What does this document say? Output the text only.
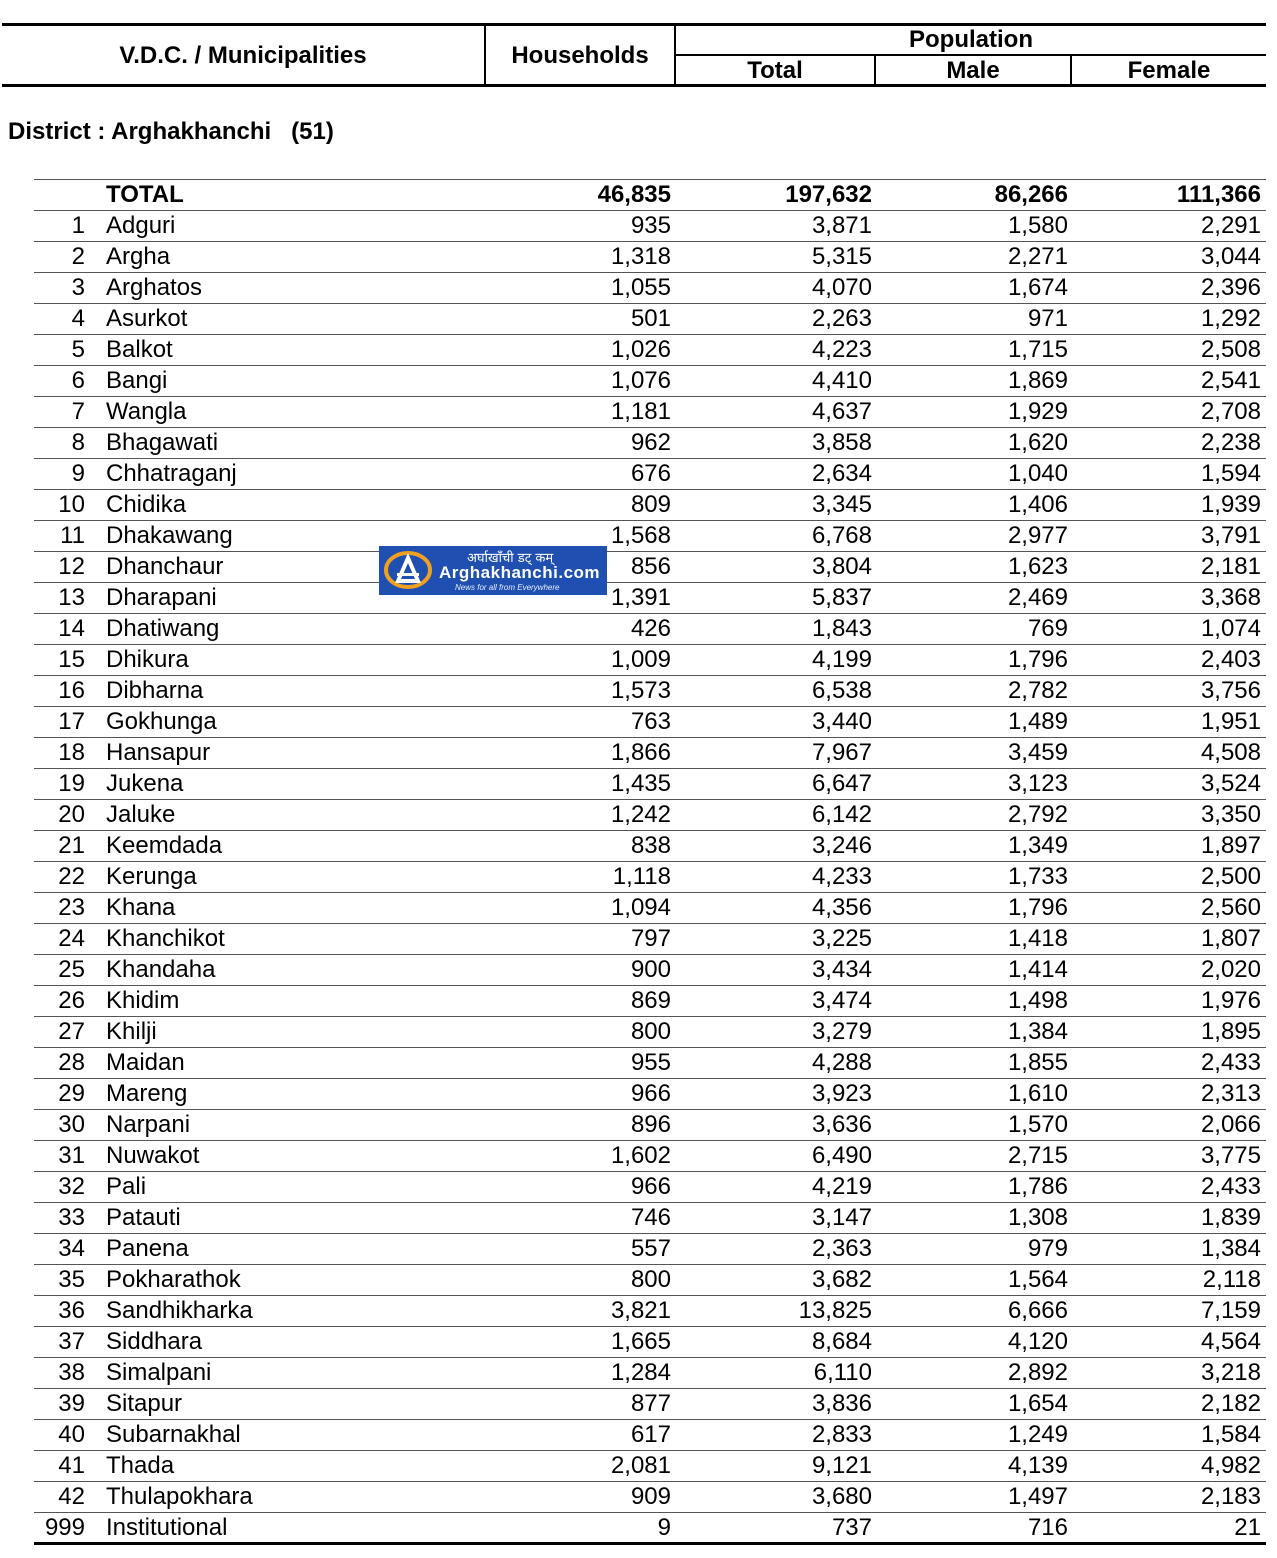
V.D.C. / Municipalities	Households
Population
Total	Male	Female
District : Arghakhanchi   (51)
TOTAL	46,835	197,632	86,266	111,366
1 Adguri	935	3,871	1,580	2,291
2 Argha	1,318	5,315	2,271	3,044
3 Arghatos	1,055	4,070	1,674	2,396
4 Asurkot	501	2,263	971	1,292
5 Balkot	1,026	4,223	1,715	2,508
6 Bangi	1,076	4,410	1,869	2,541
7 Wangla	1,181	4,637	1,929	2,708
8 Bhagawati	962	3,858	1,620	2,238
9 Chhatraganj	676	2,634	1,040	1,594
10 Chidika	809	3,345	1,406	1,939
11 Dhakawang	1,568	6,768	2,977	3,791
12 Dhanchaur	856	3,804	1,623	2,181
13 Dharapani	1,391	5,837	2,469	3,368
14 Dhatiwang	426	1,843	769	1,074
15 Dhikura	1,009	4,199	1,796	2,403
16 Dibharna	1,573	6,538	2,782	3,756
17 Gokhunga	763	3,440	1,489	1,951
18 Hansapur	1,866	7,967	3,459	4,508
19 Jukena	1,435	6,647	3,123	3,524
20 Jaluke	1,242	6,142	2,792	3,350
21 Keemdada	838	3,246	1,349	1,897
22 Kerunga	1,118	4,233	1,733	2,500
23 Khana	1,094	4,356	1,796	2,560
24 Khanchikot	797	3,225	1,418	1,807
25 Khandaha	900	3,434	1,414	2,020
26 Khidim	869	3,474	1,498	1,976
27 Khilji	800	3,279	1,384	1,895
28 Maidan	955	4,288	1,855	2,433
29 Mareng	966	3,923	1,610	2,313
30 Narpani	896	3,636	1,570	2,066
31 Nuwakot	1,602	6,490	2,715	3,775
32 Pali	966	4,219	1,786	2,433
33 Patauti	746	3,147	1,308	1,839
34 Panena	557	2,363	979	1,384
35 Pokharathok	800	3,682	1,564	2,118
36 Sandhikharka	3,821	13,825	6,666	7,159
37 Siddhara	1,665	8,684	4,120	4,564
38 Simalpani	1,284	6,110	2,892	3,218
39 Sitapur	877	3,836	1,654	2,182
40 Subarnakhal	617	2,833	1,249	1,584
41 Thada	2,081	9,121	4,139	4,982
42 Thulapokhara	909	3,680	1,497	2,183
999 Institutional	9	737	716	21
अर्घाखाँची डट् कम्
Arghakhanchi.com
News for all from Everywhere
